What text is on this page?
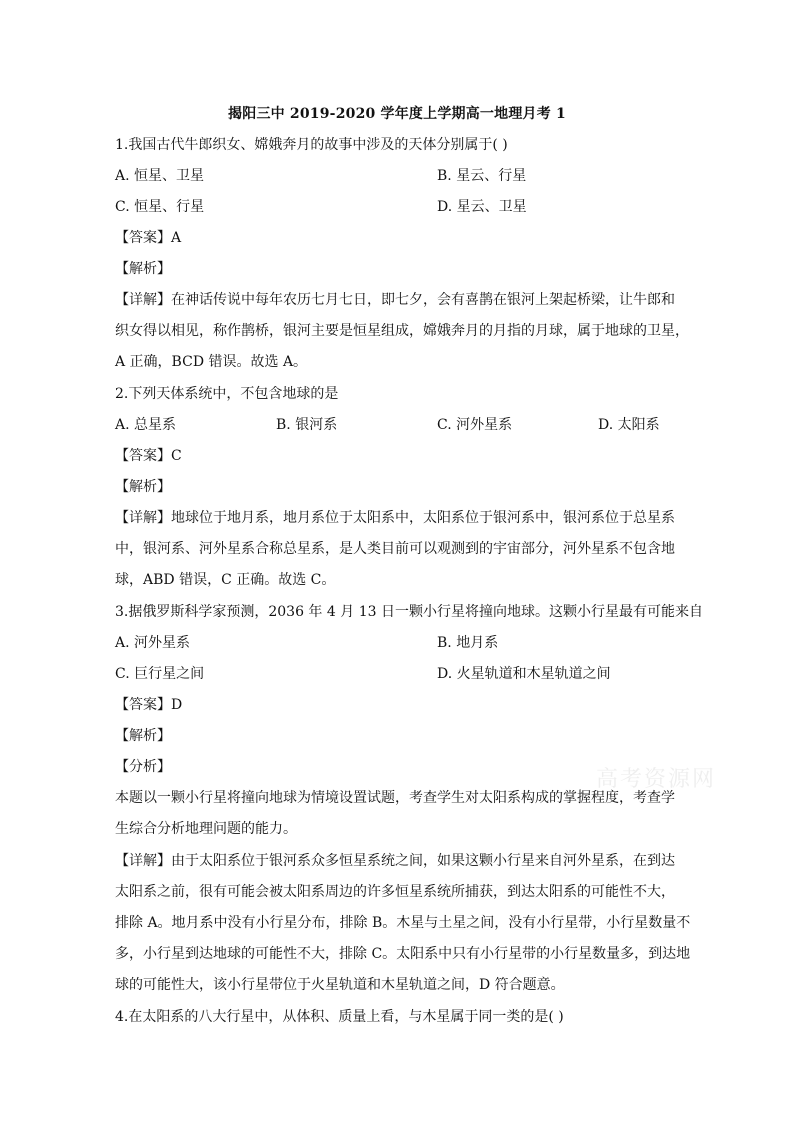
揭阳三中 2019-2020 学年度上学期高一地理月考 1
1.我国古代牛郎织女、嫦娥奔月的故事中涉及的天体分别属于( )
A. 恒星、卫星	B. 星云、行星
C. 恒星、行星	D. 星云、卫星
【答案】A
【解析】
【详解】在神话传说中每年农历七月七日，即七夕，会有喜鹊在银河上架起桥梁，让牛郎和
织女得以相见，称作鹊桥，银河主要是恒星组成，嫦娥奔月的月指的月球，属于地球的卫星，
A 正确，BCD 错误。故选 A。
2.下列天体系统中，不包含地球的是
A. 总星系	B. 银河系	C. 河外星系	D. 太阳系
【答案】C
【解析】
【详解】地球位于地月系，地月系位于太阳系中，太阳系位于银河系中，银河系位于总星系
中，银河系、河外星系合称总星系，是人类目前可以观测到的宇宙部分，河外星系不包含地
球，ABD 错误，C 正确。故选 C。
3.据俄罗斯科学家预测，2036 年 4 月 13 日一颗小行星将撞向地球。这颗小行星最有可能来自
A. 河外星系	B. 地月系
C. 巨行星之间	D. 火星轨道和木星轨道之间
【答案】D
【解析】
【分析】
本题以一颗小行星将撞向地球为情境设置试题，考查学生对太阳系构成的掌握程度，考查学
生综合分析地理问题的能力。
【详解】由于太阳系位于银河系众多恒星系统之间，如果这颗小行星来自河外星系，在到达
太阳系之前，很有可能会被太阳系周边的许多恒星系统所捕获，到达太阳系的可能性不大，
排除 A。地月系中没有小行星分布，排除 B。木星与土星之间，没有小行星带，小行星数量不
多，小行星到达地球的可能性不大，排除 C。太阳系中只有小行星带的小行星数量多，到达地
球的可能性大，该小行星带位于火星轨道和木星轨道之间，D 符合题意。
4.在太阳系的八大行星中，从体积、质量上看，与木星属于同一类的是( )
高考资源网
